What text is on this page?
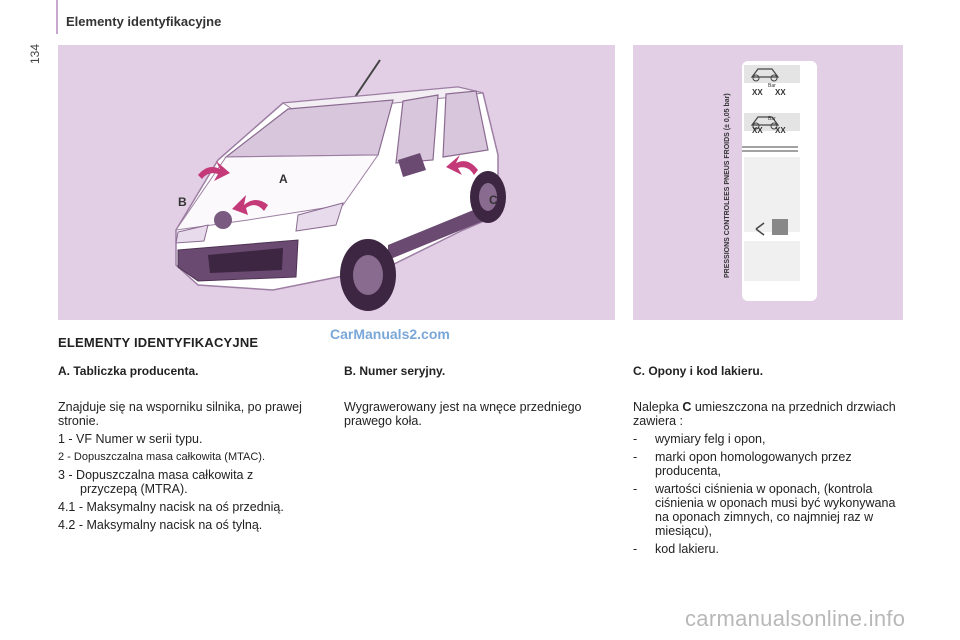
Elementy identyfikacyjne
134
A
B	C
Bar
XX XX
Bar
XX XX
PRESSIONS CONTROLEES PNEUS FROIDS (± 0,05 bar)
ELEMENTY IDENTYFIKACYJNE
CarManuals2.com
A. Tabliczka producenta.

Znajduje się na wsporniku silnika, po prawej stronie.

1 - VF Numer w serii typu.

2 - Dopuszczalna masa całkowita (MTAC).

3 - Dopuszczalna masa całkowita z

przyczepą (MTRA).

4.1 - Maksymalny nacisk na oś przednią.

4.2 - Maksymalny nacisk na oś tylną.

B. Numer seryjny.

Wygrawerowany jest na wnęce przedniego prawego koła.

C. Opony i kod lakieru.

Nalepka C umieszczona na przednich drzwiach zawiera :

-	wymiary felg i opon,
-	marki opon homologowanych przez producenta,
-	wartości ciśnienia w oponach, (kontrola ciśnienia w oponach musi być wykonywana na oponach zimnych, co najmniej raz w miesiącu),
-	kod lakieru.
carmanualsonline.info
